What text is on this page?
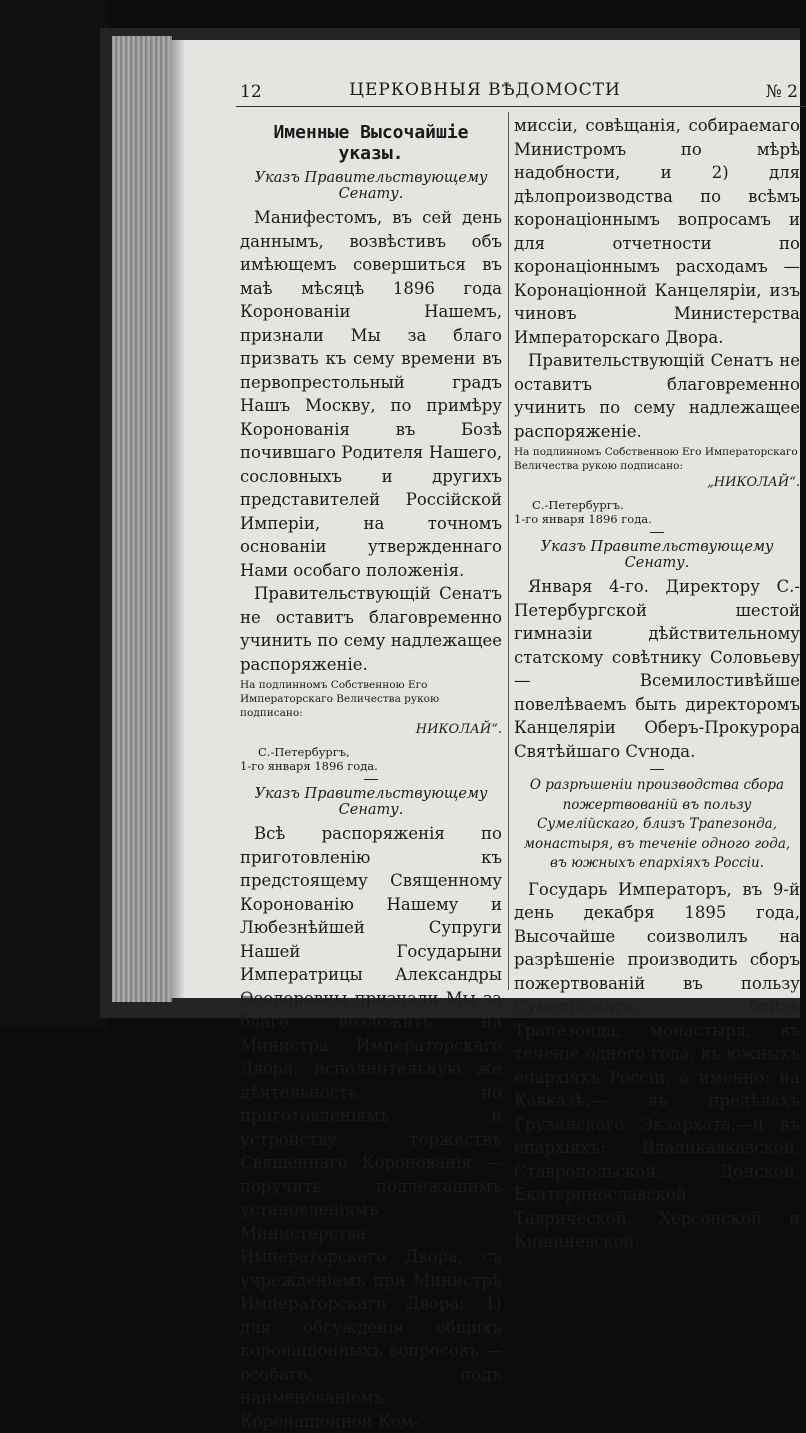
12	ЦЕРКОВНЫЯ ВѢДОМОСТИ	№ 2
Именные Высочайшіе указы.
Указъ Правительствующему Сенату.

Манифестомъ, въ сей день даннымъ, возвѣстивъ объ имѣющемъ совершиться въ маѣ мѣсяцѣ 1896 года Коронованіи Нашемъ, признали Мы за благо призвать къ сему времени въ первопрестольный градъ Нашъ Москву, по примѣру Коронованія въ Бозѣ почившаго Родителя Нашего, сословныхъ и другихъ представителей Россійской Имперіи, на точномъ основаніи утвержденнаго Нами особаго положенія.

Правительствующій Сенатъ не оставитъ благовременно учинить по сему надлежащее распоряженіе.

На подлинномъ Собственною Его Императорскаго Величества рукою подписано:

НИКОЛАЙ“.

С.-Петербургъ,
1-го января 1896 года.
Указъ Правительствующему Сенату.

Всѣ распоряженія по приготовленію къ предстоящему Священному Коронованію Нашему и Любезнѣйшей Супруги Нашей Государыни Императрицы Александры Ѳеодоровны признали Мы за благо возложить на Министра Императорскаго Двора, исполнительную же дѣятельность по приготовленіямъ и устройству торжествъ Священнаго Коронованія — поручить подлежащимъ установленіямъ Министерства Императорскаго Двора, съ учрежденіемъ при Министрѣ Императорскаго Двора: 1) для обсужденія общихъ коронаціонныхъ вопросовъ — особаго, подъ наименованіемъ Коронаціонной Ком-

миссіи, совѣщанія, собираемаго Министромъ по мѣрѣ надобности, и 2) для дѣлопроизводства по всѣмъ коронаціоннымъ вопросамъ и для отчетности по коронаціоннымъ расходамъ — Коронаціонной Канцеляріи, изъ чиновъ Министерства Императорскаго Двора.

Правительствующій Сенатъ не оставитъ благовременно учинить по сему надлежащее распоряженіе.

На подлинномъ Собственною Его Императорскаго Величества рукою подписано:

„НИКОЛАЙ“.

С.-Петербургъ.
1-го января 1896 года.
Указъ Правительствующему Сенату.

Января 4-го. Директору С.-Петербургской шестой гимназіи дѣйствительному статскому совѣтнику Соловьеву — Всемилостивѣйше повелѣваемъ быть директоромъ Канцеляріи Оберъ-Прокурора Святѣйшаго Сѵнода.

О разрѣшеніи производства сбора пожертвованій въ пользу Сумелійскаго, близъ Трапезонда, монастыря, въ теченіе одного года, въ южныхъ епархіяхъ Россіи.

Государь Императоръ, въ 9-й день декабря 1895 года, Высочайше соизволилъ на разрѣшеніе производить сборъ пожертвованій въ пользу Сумелійскаго, близъ Трапезонда, монастыря, въ теченіе одного года, въ южныхъ епархіяхъ Россіи, а именно: на Кавказѣ,— въ предѣлахъ Грузинскаго Экзархата,—и въ епархіяхъ: Владикавказской, Ставропольской, Донской, Екатеринославской, Таврической, Херсонской и Кишиневской.
